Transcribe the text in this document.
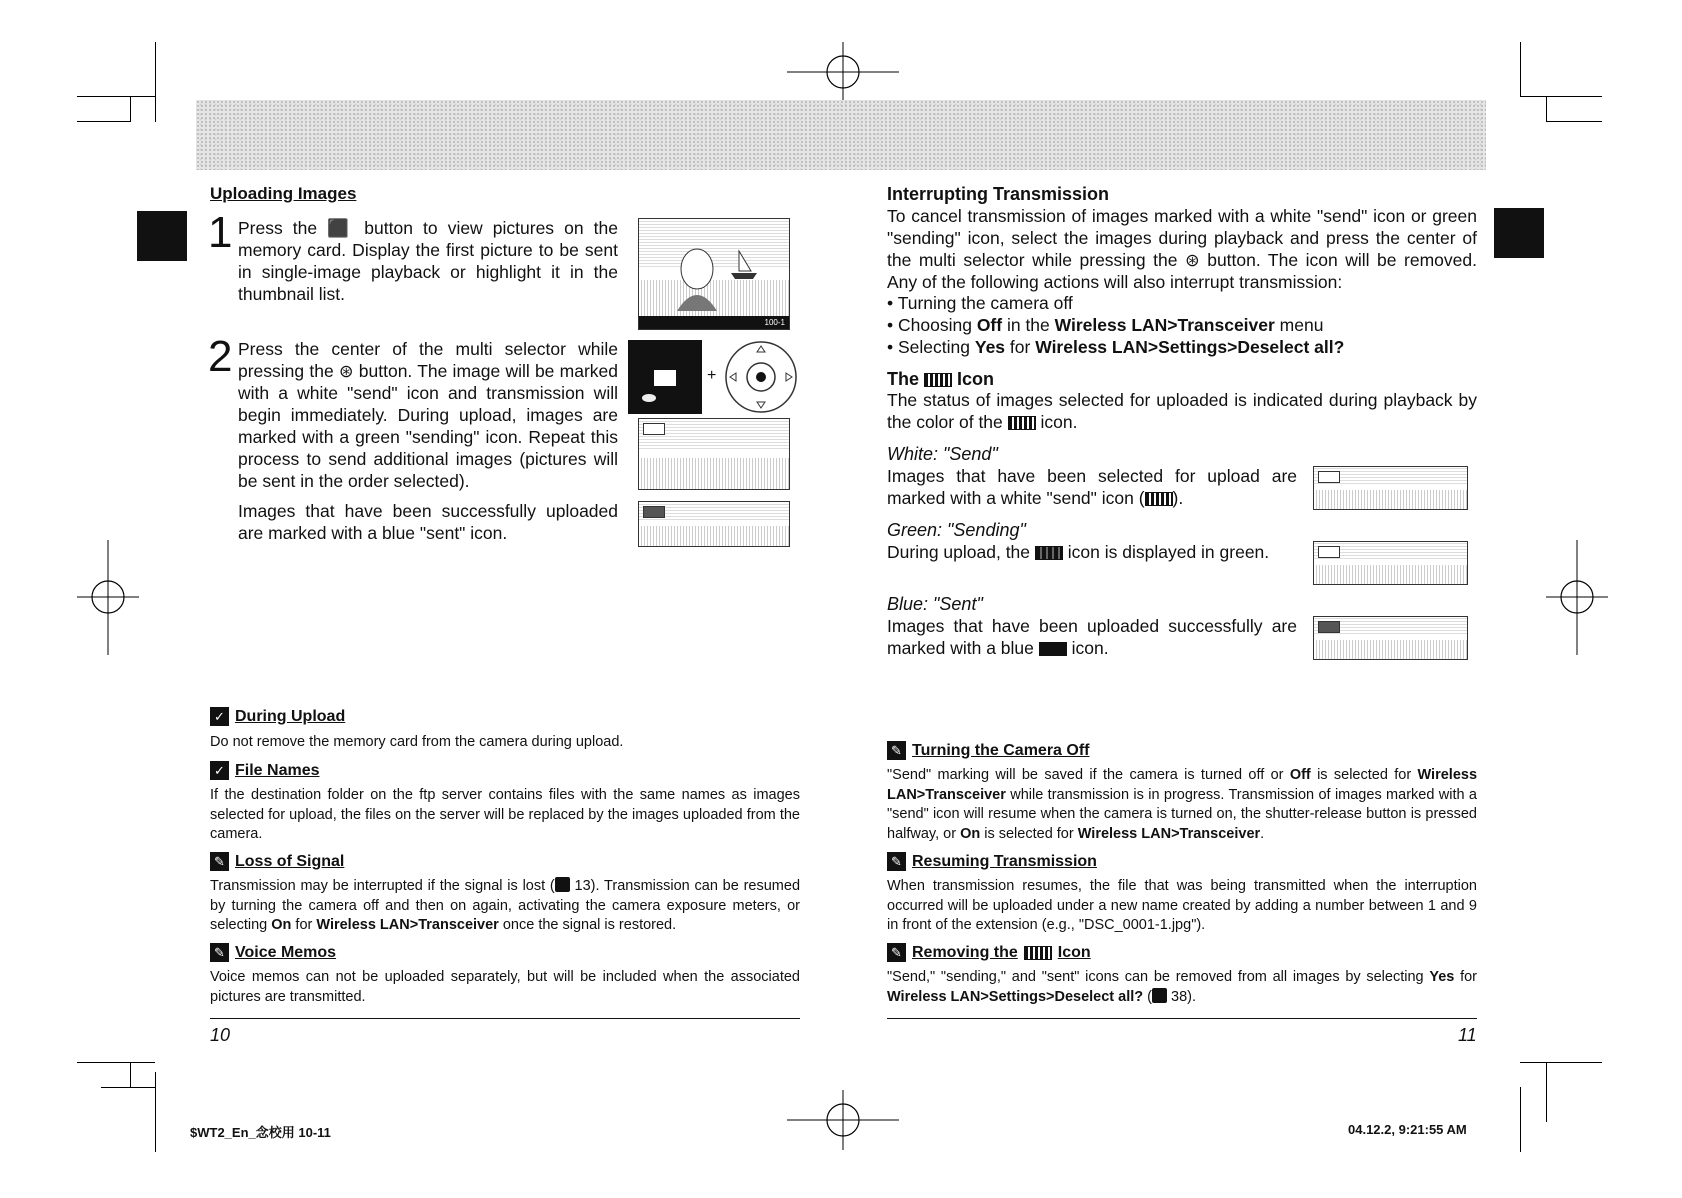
Uploading Images
1 Press the ⬛ button to view pictures on the memory card. Display the first picture to be sent in single-image playback or highlight it in the thumbnail list.
100-1
2 Press the center of the multi selector while pressing the ⊛ button. The image will be marked with a white "send" icon and transmission will begin immediately. During upload, images are marked with a green "sending" icon. Repeat this process to send additional images (pictures will be sent in the order selected).
+
Images that have been successfully uploaded are marked with a blue "sent" icon.
✓ During Upload
Do not remove the memory card from the camera during upload.
✓ File Names
If the destination folder on the ftp server contains files with the same names as images selected for upload, the files on the server will be replaced by the images uploaded from the camera.
✎ Loss of Signal
Transmission may be interrupted if the signal is lost ( 13). Transmission can be resumed by turning the camera off and then on again, activating the camera exposure meters, or selecting On for Wireless LAN>Transceiver once the signal is restored.
✎ Voice Memos
Voice memos can not be uploaded separately, but will be included when the associated pictures are transmitted.
10
$WT2_En_念校用 10-11
Interrupting Transmission
To cancel transmission of images marked with a white "send" icon or green "sending" icon, select the images during playback and press the center of the multi selector while pressing the ⊛ button. The icon will be removed. Any of the following actions will also interrupt transmission:
• Turning the camera off
• Choosing Off in the Wireless LAN>Transceiver menu
• Selecting Yes for Wireless LAN>Settings>Deselect all?
The Icon
The status of images selected for uploaded is indicated during playback by the color of the icon.
White: "Send"
Images that have been selected for upload are marked with a white "send" icon ( ).
Green: "Sending"
During upload, the icon is displayed in green.
Blue: "Sent"
Images that have been uploaded successfully are marked with a blue icon.
✎ Turning the Camera Off
"Send" marking will be saved if the camera is turned off or Off is selected for Wireless LAN>Transceiver while transmission is in progress. Transmission of images marked with a "send" icon will resume when the camera is turned on, the shutter-release button is pressed halfway, or On is selected for Wireless LAN>Transceiver.
✎ Resuming Transmission
When transmission resumes, the file that was being transmitted when the interruption occurred will be uploaded under a new name created by adding a number between 1 and 9 in front of the extension (e.g., "DSC_0001-1.jpg").
✎ Removing the	Icon
"Send," "sending," and "sent" icons can be removed from all images by selecting Yes for Wireless LAN>Settings>Deselect all? ( 38).
11
04.12.2, 9:21:55 AM
